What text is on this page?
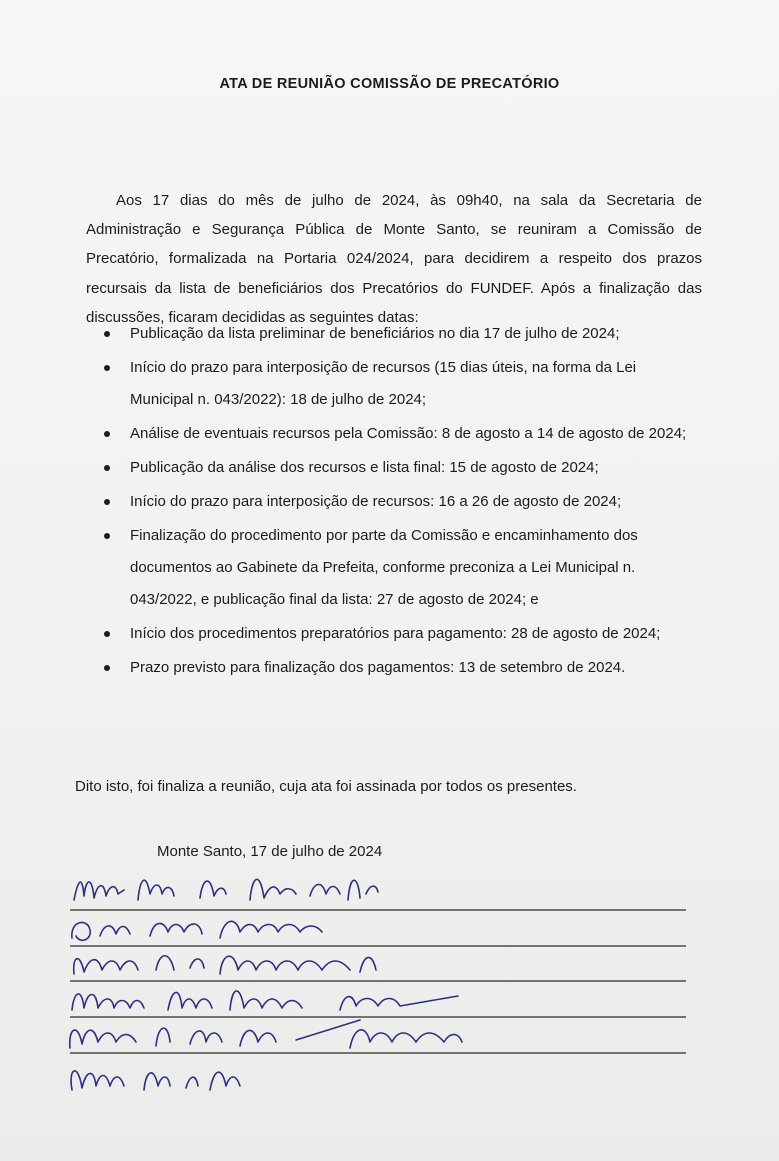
ATA DE REUNIÃO COMISSÃO DE PRECATÓRIO

Aos 17 dias do mês de julho de 2024, às 09h40, na sala da Secretaria de Administração e Segurança Pública de Monte Santo, se reuniram a Comissão de Precatório, formalizada na Portaria 024/2024, para decidirem a respeito dos prazos recursais da lista de beneficiários dos Precatórios do FUNDEF. Após a finalização das discussões, ficaram decididas as seguintes datas:

Publicação da lista preliminar de beneficiários no dia 17 de julho de 2024;
Início do prazo para interposição de recursos (15 dias úteis, na forma da Lei Municipal n. 043/2022): 18 de julho de 2024;
Análise de eventuais recursos pela Comissão: 8 de agosto a 14 de agosto de 2024;
Publicação da análise dos recursos e lista final: 15 de agosto de 2024;
Início do prazo para interposição de recursos: 16 a 26 de agosto de 2024;
Finalização do procedimento por parte da Comissão e encaminhamento dos documentos ao Gabinete da Prefeita, conforme preconiza a Lei Municipal n. 043/2022, e publicação final da lista: 27 de agosto de 2024; e
Início dos procedimentos preparatórios para pagamento: 28 de agosto de 2024;
Prazo previsto para finalização dos pagamentos: 13 de setembro de 2024.
Dito isto, foi finaliza a reunião, cuja ata foi assinada por todos os presentes.
Monte Santo, 17 de julho de 2024
